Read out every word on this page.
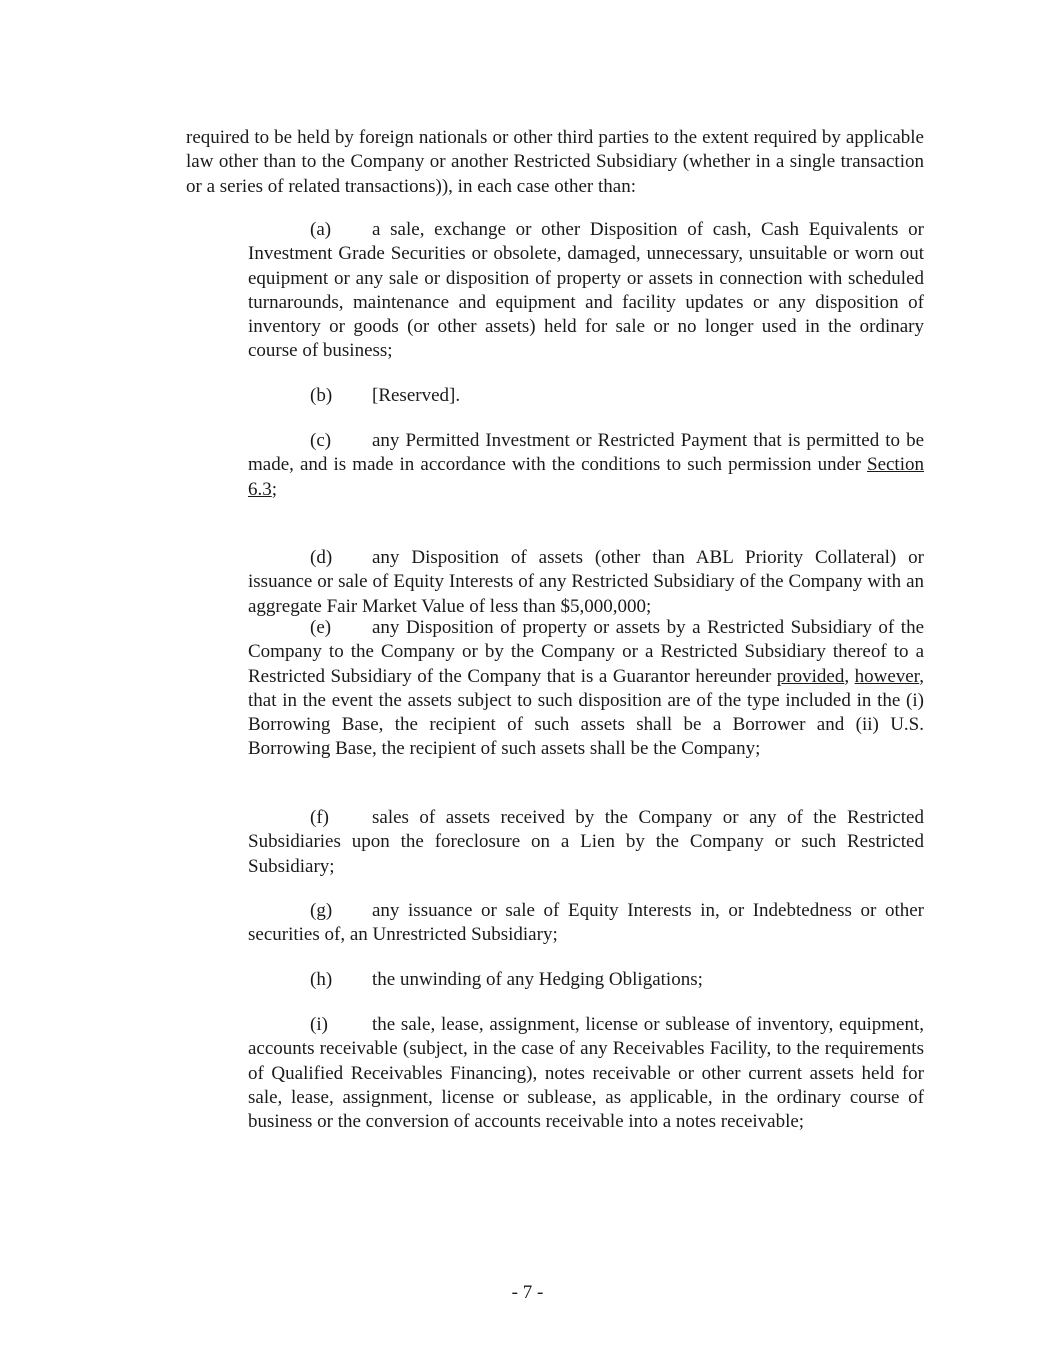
required to be held by foreign nationals or other third parties to the extent required by applicable law other than to the Company or another Restricted Subsidiary (whether in a single transaction or a series of related transactions)), in each case other than:

(a) a sale, exchange or other Disposition of cash, Cash Equivalents or Investment Grade Securities or obsolete, damaged, unnecessary, unsuitable or worn out equipment or any sale or disposition of property or assets in connection with scheduled turnarounds, maintenance and equipment and facility updates or any disposition of inventory or goods (or other assets) held for sale or no longer used in the ordinary course of business;

(b) [Reserved].

(c) any Permitted Investment or Restricted Payment that is permitted to be made, and is made in accordance with the conditions to such permission under Section 6.3;

(d) any Disposition of assets (other than ABL Priority Collateral) or issuance or sale of Equity Interests of any Restricted Subsidiary of the Company with an aggregate Fair Market Value of less than $5,000,000;

(e) any Disposition of property or assets by a Restricted Subsidiary of the Company to the Company or by the Company or a Restricted Subsidiary thereof to a Restricted Subsidiary of the Company that is a Guarantor hereunder provided, however, that in the event the assets subject to such disposition are of the type included in the (i) Borrowing Base, the recipient of such assets shall be a Borrower and (ii) U.S. Borrowing Base, the recipient of such assets shall be the Company;

(f) sales of assets received by the Company or any of the Restricted Subsidiaries upon the foreclosure on a Lien by the Company or such Restricted Subsidiary;

(g) any issuance or sale of Equity Interests in, or Indebtedness or other securities of, an Unrestricted Subsidiary;

(h) the unwinding of any Hedging Obligations;

(i) the sale, lease, assignment, license or sublease of inventory, equipment, accounts receivable (subject, in the case of any Receivables Facility, to the requirements of Qualified Receivables Financing), notes receivable or other current assets held for sale, lease, assignment, license or sublease, as applicable, in the ordinary course of business or the conversion of accounts receivable into a notes receivable;

- 7 -
